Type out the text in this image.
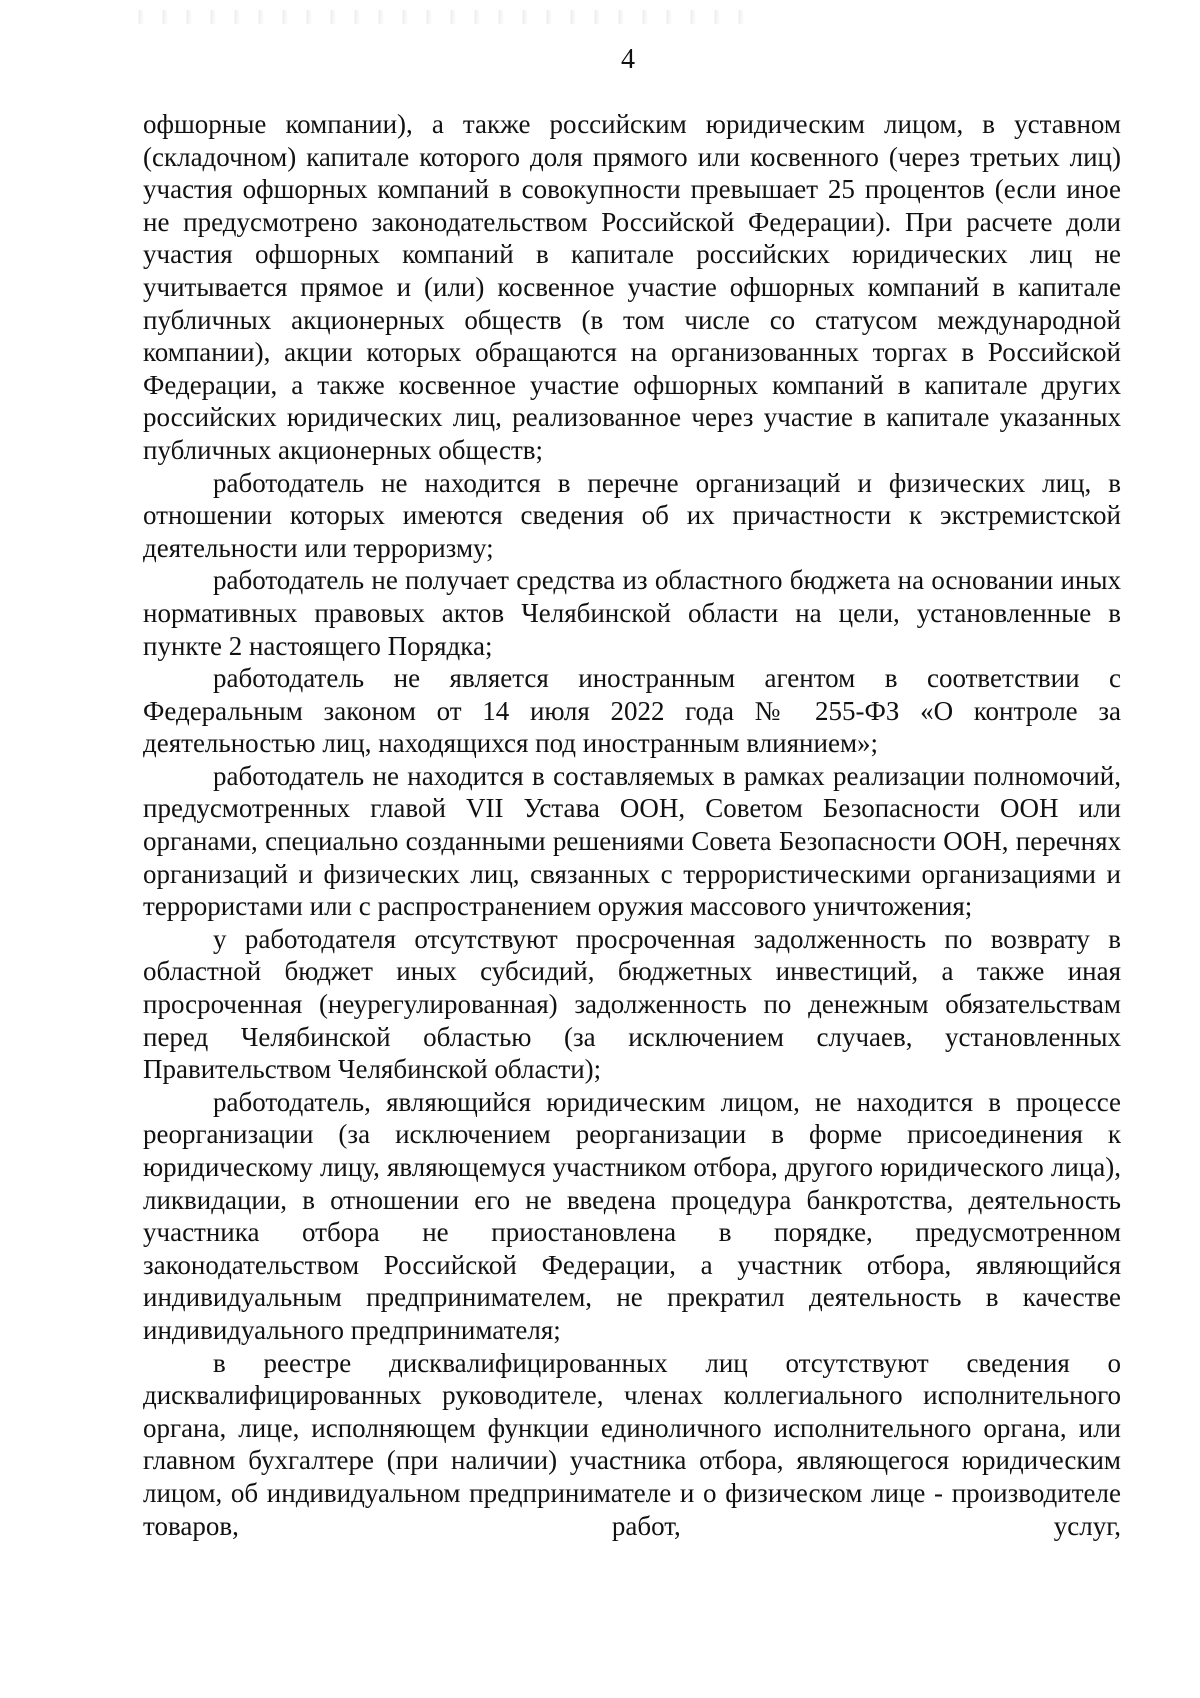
4

офшорные компании), а также российским юридическим лицом, в уставном (складочном) капитале которого доля прямого или косвенного (через третьих лиц) участия офшорных компаний в совокупности превышает 25 процентов (если иное не предусмотрено законодательством Российской Федерации). При расчете доли участия офшорных компаний в капитале российских юридических лиц не учитывается прямое и (или) косвенное участие офшорных компаний в капитале публичных акционерных обществ (в том числе со статусом международной компании), акции которых обращаются на организованных торгах в Российской Федерации, а также косвенное участие офшорных компаний в капитале других российских юридических лиц, реализованное через участие в капитале указанных публичных акционерных обществ;

работодатель не находится в перечне организаций и физических лиц, в отношении которых имеются сведения об их причастности к экстремистской деятельности или терроризму;

работодатель не получает средства из областного бюджета на основании иных нормативных правовых актов Челябинской области на цели, установленные в пункте 2 настоящего Порядка;

работодатель не является иностранным агентом в соответствии с Федеральным законом от 14 июля 2022 года № 255-ФЗ «О контроле за деятельностью лиц, находящихся под иностранным влиянием»;

работодатель не находится в составляемых в рамках реализации полномочий, предусмотренных главой VII Устава ООН, Советом Безопасности ООН или органами, специально созданными решениями Совета Безопасности ООН, перечнях организаций и физических лиц, связанных с террористическими организациями и террористами или с распространением оружия массового уничтожения;

у работодателя отсутствуют просроченная задолженность по возврату в областной бюджет иных субсидий, бюджетных инвестиций, а также иная просроченная (неурегулированная) задолженность по денежным обязательствам перед Челябинской областью (за исключением случаев, установленных Правительством Челябинской области);

работодатель, являющийся юридическим лицом, не находится в процессе реорганизации (за исключением реорганизации в форме присоединения к юридическому лицу, являющемуся участником отбора, другого юридического лица), ликвидации, в отношении его не введена процедура банкротства, деятельность участника отбора не приостановлена в порядке, предусмотренном законодательством Российской Федерации, а участник отбора, являющийся индивидуальным предпринимателем, не прекратил деятельность в качестве индивидуального предпринимателя;

в реестре дисквалифицированных лиц отсутствуют сведения о дисквалифицированных руководителе, членах коллегиального исполнительного органа, лице, исполняющем функции единоличного исполнительного органа, или главном бухгалтере (при наличии) участника отбора, являющегося юридическим лицом, об индивидуальном предпринимателе и о физическом лице - производителе товаров, работ, услуг,
